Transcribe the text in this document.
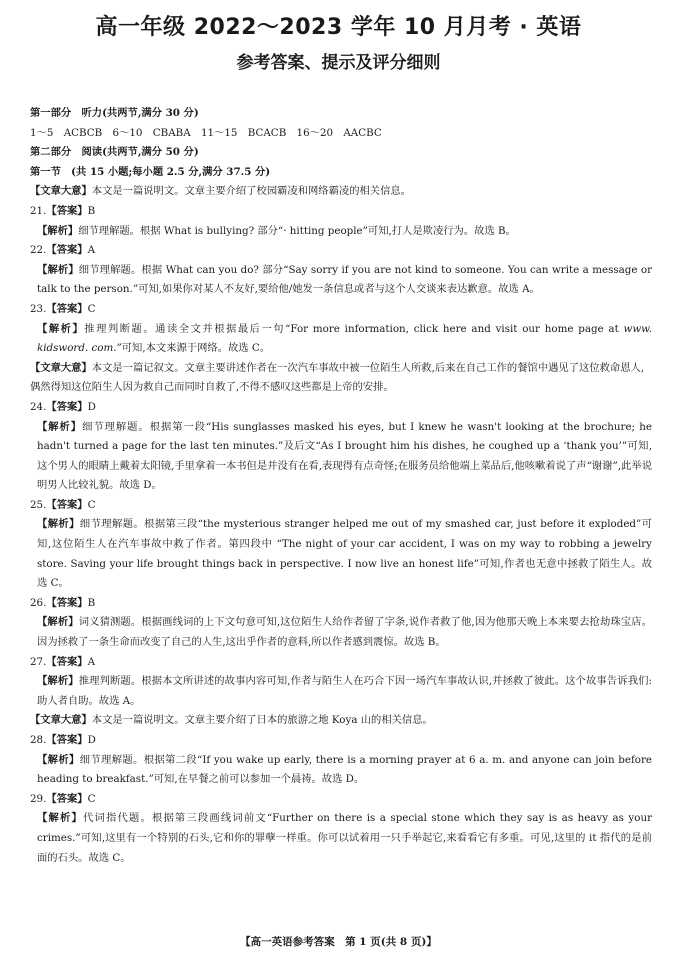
高一年级 2022～2023 学年 10 月月考 · 英语
参考答案、提示及评分细则

第一部分　听力(共两节,满分 30 分)

1～5　ACBCB　6～10　CBABA　11～15　BCACB　16～20　AACBC

第二部分　阅读(共两节,满分 50 分)

第一节　(共 15 小题;每小题 2.5 分,满分 37.5 分)

【文章大意】本文是一篇说明文。文章主要介绍了校园霸凌和网络霸凌的相关信息。

21.【答案】B

【解析】细节理解题。根据 What is bullying? 部分“· hitting people”可知,打人是欺凌行为。故选 B。

22.【答案】A

【解析】细节理解题。根据 What can you do? 部分“Say sorry if you are not kind to someone. You can write a message or talk to the person.”可知,如果你对某人不友好,要给他/她发一条信息或者与这个人交谈来表达歉意。故选 A。

23.【答案】C

【解析】推理判断题。通读全文并根据最后一句“For more information, click here and visit our home page at www. kidsword. com.”可知,本文来源于网络。故选 C。

【文章大意】本文是一篇记叙文。文章主要讲述作者在一次汽车事故中被一位陌生人所救,后来在自己工作的餐馆中遇见了这位救命恩人,偶然得知这位陌生人因为救自己而同时自救了,不得不感叹这些都是上帝的安排。

24.【答案】D

【解析】细节理解题。根据第一段“His sunglasses masked his eyes, but I knew he wasn't looking at the brochure; he hadn't turned a page for the last ten minutes.”及后文“As I brought him his dishes, he coughed up a ‘thank you’”可知,这个男人的眼睛上戴着太阳镜,手里拿着一本书但是并没有在看,表现得有点奇怪;在服务员给他端上菜品后,他咳嗽着说了声“谢谢”,此举说明男人比较礼貌。故选 D。

25.【答案】C

【解析】细节理解题。根据第三段“the mysterious stranger helped me out of my smashed car, just before it exploded”可知,这位陌生人在汽车事故中救了作者。第四段中 “The night of your car accident, I was on my way to robbing a jewelry store. Saving your life brought things back in perspective. I now live an honest life”可知,作者也无意中拯救了陌生人。故选 C。

26.【答案】B

【解析】词义猜测题。根据画线词的上下文句意可知,这位陌生人给作者留了字条,说作者救了他,因为他那天晚上本来要去抢劫珠宝店。因为拯救了一条生命而改变了自己的人生,这出乎作者的意料,所以作者感到震惊。故选 B。

27.【答案】A

【解析】推理判断题。根据本文所讲述的故事内容可知,作者与陌生人在巧合下因一场汽车事故认识,并拯救了彼此。这个故事告诉我们:助人者自助。故选 A。

【文章大意】本文是一篇说明文。文章主要介绍了日本的旅游之地 Koya 山的相关信息。

28.【答案】D

【解析】细节理解题。根据第二段“If you wake up early, there is a morning prayer at 6 a. m. and anyone can join before heading to breakfast.”可知,在早餐之前可以参加一个晨祷。故选 D。

29.【答案】C

【解析】代词指代题。根据第三段画线词前文“Further on there is a special stone which they say is as heavy as your crimes.”可知,这里有一个特别的石头,它和你的罪孽一样重。你可以试着用一只手举起它,来看看它有多重。可见,这里的 it 指代的是前面的石头。故选 C。

【高一英语参考答案　第 1 页(共 8 页)】
